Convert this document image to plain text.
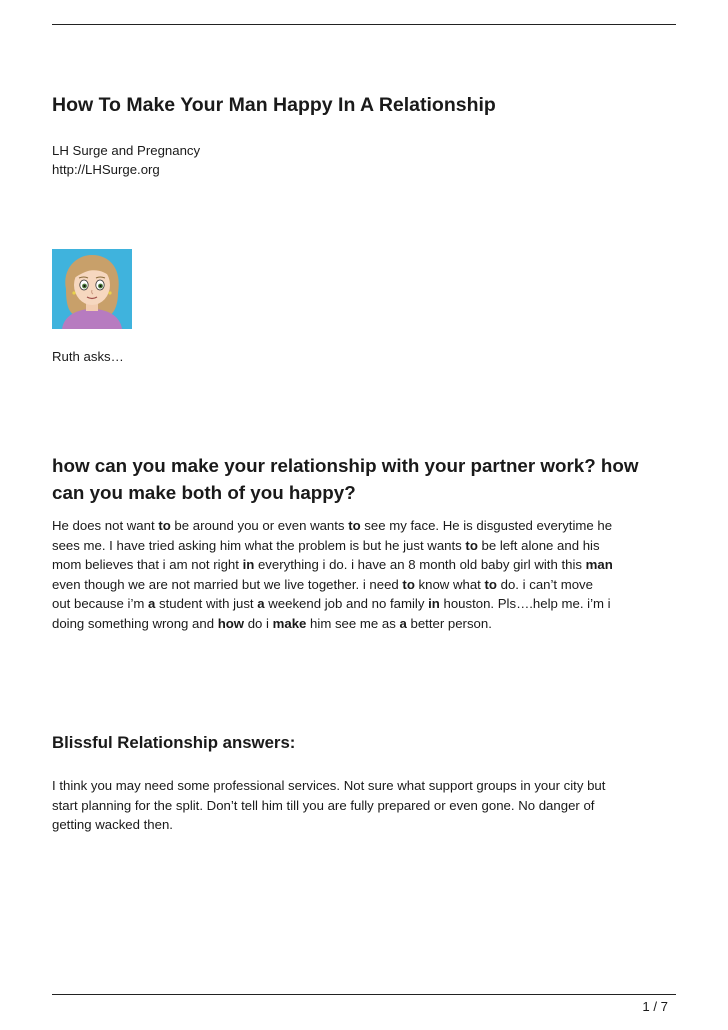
How To Make Your Man Happy In A Relationship
LH Surge and Pregnancy
http://LHSurge.org
Ruth asks…
how can you make your relationship with your partner work? how
can you make both of you happy?
He does not want to be around you or even wants to see my face. He is disgusted everytime he
sees me. I have tried asking him what the problem is but he just wants to be left alone and his
mom believes that i am not right in everything i do. i have an 8 month old baby girl with this man
even though we are not married but we live together. i need to know what to do. i can’t move
out because i’m a student with just a weekend job and no family in houston. Pls….help me. i’m i
doing something wrong and how do i make him see me as a better person.
Blissful Relationship answers:
I think you may need some professional services. Not sure what support groups in your city but
start planning for the split. Don’t tell him till you are fully prepared or even gone. No danger of
getting wacked then.
1 / 7
